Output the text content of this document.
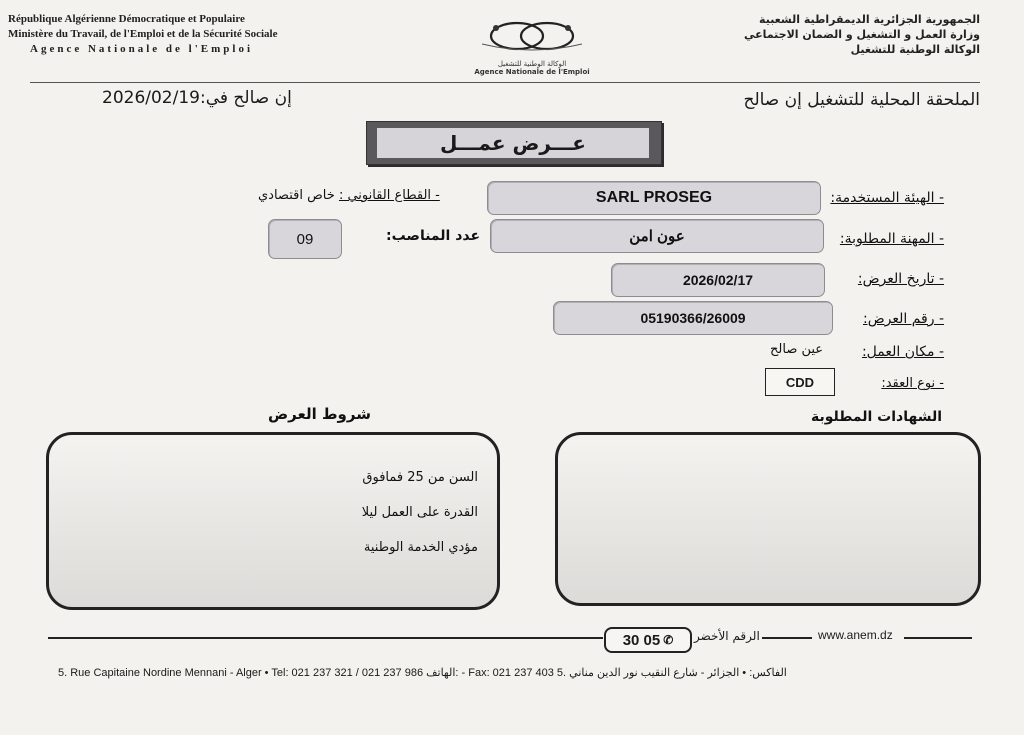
République Algérienne Démocratique et Populaire
Ministère du Travail, de l'Emploi et de la Sécurité Sociale
Agence Nationale de l'Emploi
الوكالة الوطنية للتشغيل
Agence Nationale de l'Emploi
الجمهورية الجزائرية الديمقراطية الشعبية
وزارة العمل و التشغيل و الضمان الاجتماعي
الوكالة الوطنية للتشغيل
الملحقة المحلية للتشغيل إن صالح
2026/02/19 إن صالح في:
عـــرض عمـــل
- الهيئة المستخدمة:
SARL PROSEG
- القطاع القانوني : خاص اقتصادي
- المهنة المطلوبة:
عون امن
عدد المناصب:
09
- تاريخ العرض:
2026/02/17
- رقم العرض:
05190366/26009
- مكان العمل:
عين صالح
- نوع العقد:
CDD
الشهادات المطلوبة
شروط العرض
السن من 25 فمافوق
القدرة على العمل ليلا
مؤدي الخدمة الوطنية
30 05 ✆ الرقم الأخضر	www.anem.dz
5. Rue Capitaine Nordine Mennani - Alger • Tel: 021 237 321 / 021 237 986 الهاتف: - Fax: 021 237 403 الفاكس: • الجزائر - شارع النقيب نور الدين مناني .5
